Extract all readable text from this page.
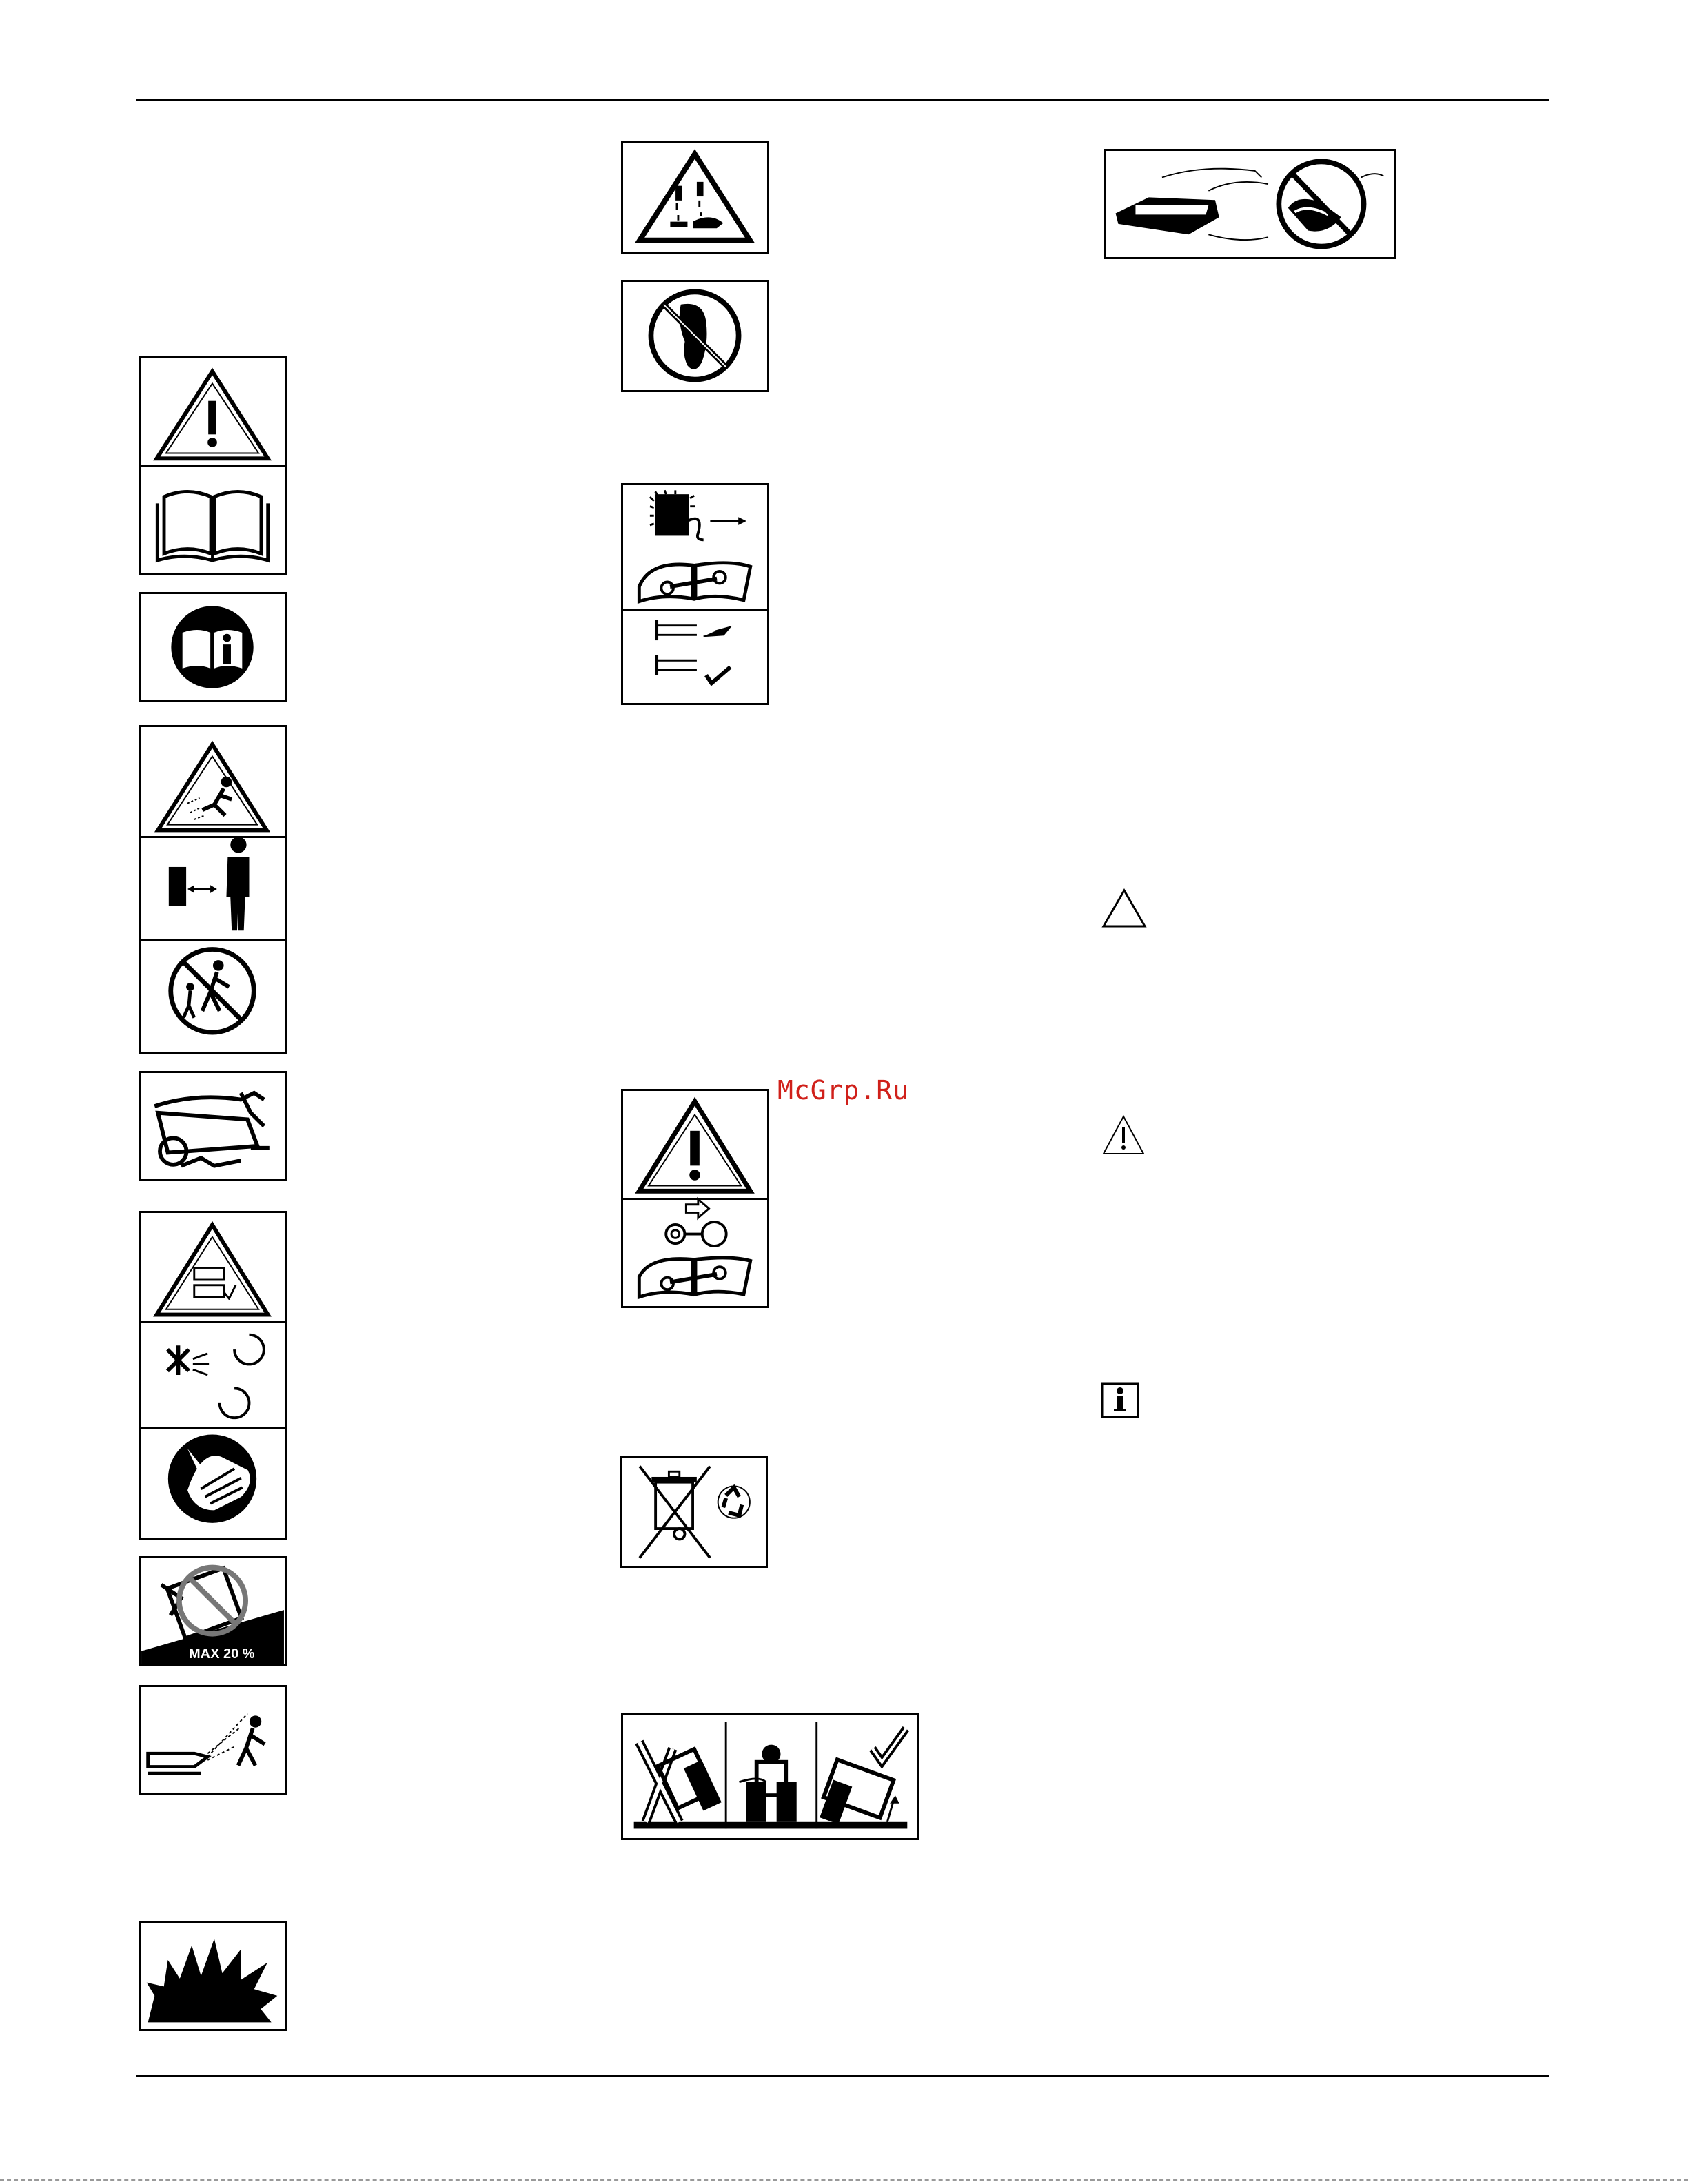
MAX 20 %
McGrp.Ru
